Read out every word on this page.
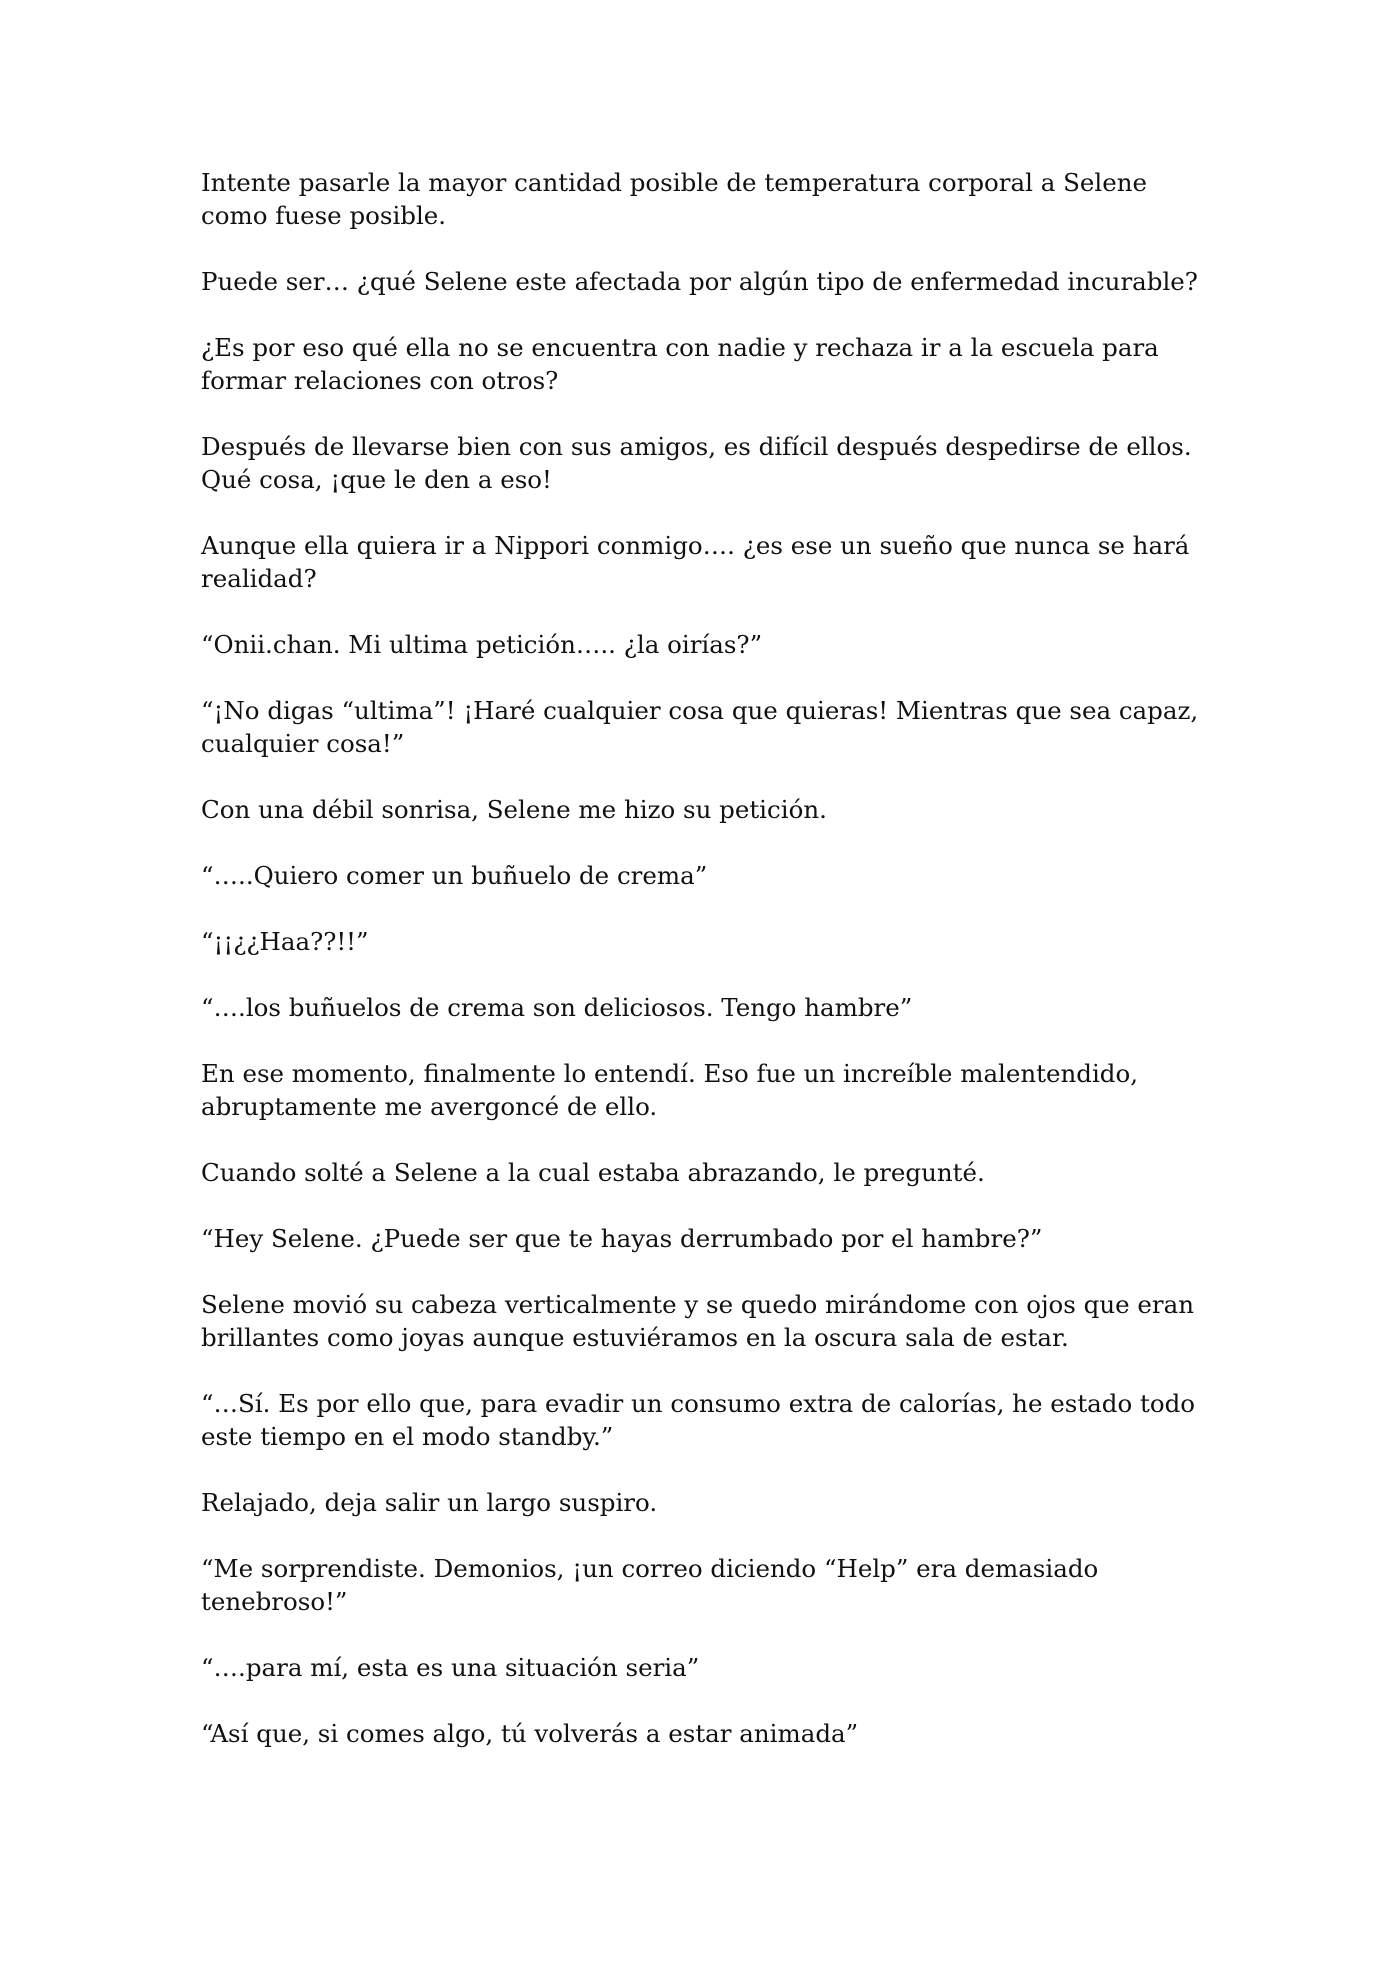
Intente pasarle la mayor cantidad posible de temperatura corporal a Selene como fuese posible.

Puede ser… ¿qué Selene este afectada por algún tipo de enfermedad incurable?

¿Es por eso qué ella no se encuentra con nadie y rechaza ir a la escuela para formar relaciones con otros?

Después de llevarse bien con sus amigos, es difícil después despedirse de ellos. Qué cosa, ¡que le den a eso!

Aunque ella quiera ir a Nippori conmigo…. ¿es ese un sueño que nunca se hará realidad?

“Onii.chan. Mi ultima petición….. ¿la oirías?”

“¡No digas “ultima”! ¡Haré cualquier cosa que quieras! Mientras que sea capaz, cualquier cosa!”

Con una débil sonrisa, Selene me hizo su petición.

“…..Quiero comer un buñuelo de crema”

“¡¡¿¿Haa??!!”

“….los buñuelos de crema son deliciosos. Tengo hambre”

En ese momento, finalmente lo entendí. Eso fue un increíble malentendido, abruptamente me avergoncé de ello.

Cuando solté a Selene a la cual estaba abrazando, le pregunté.

“Hey Selene. ¿Puede ser que te hayas derrumbado por el hambre?”

Selene movió su cabeza verticalmente y se quedo mirándome con ojos que eran brillantes como joyas aunque estuviéramos en la oscura sala de estar.

“…Sí. Es por ello que, para evadir un consumo extra de calorías, he estado todo este tiempo en el modo standby.”

Relajado, deja salir un largo suspiro.

“Me sorprendiste. Demonios, ¡un correo diciendo “Help” era demasiado tenebroso!”

“….para mí, esta es una situación seria”

“Así que, si comes algo, tú volverás a estar animada”
